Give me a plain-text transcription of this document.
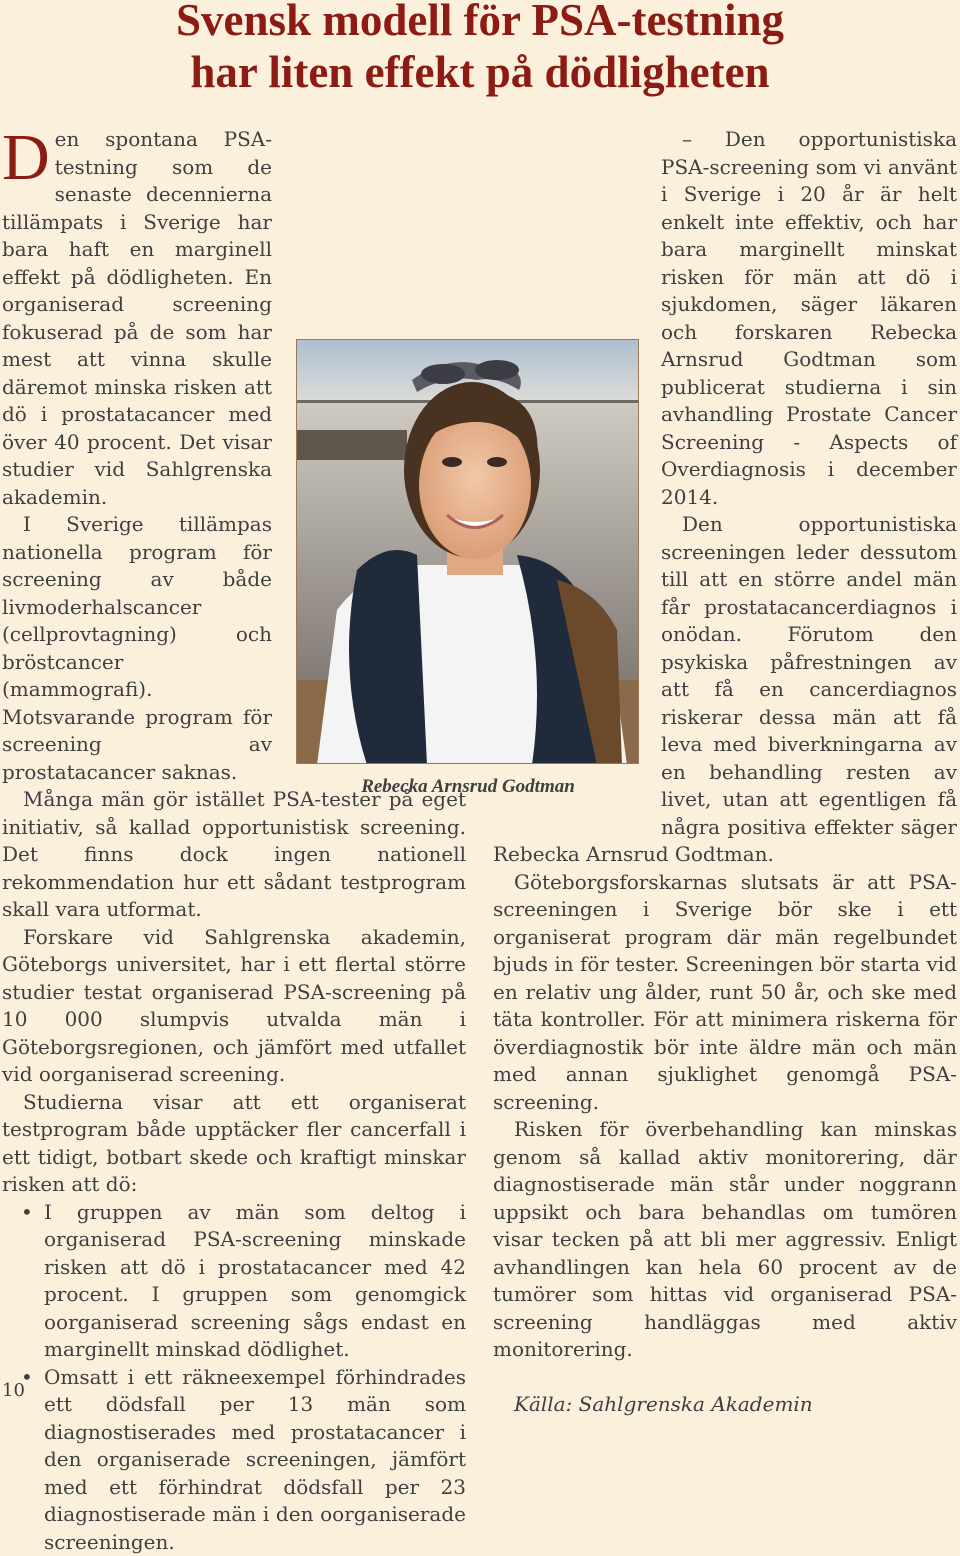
Svensk modell för PSA-testning
har liten effekt på dödligheten

Den spontana PSA-testning som de senaste decennierna tillämpats i Sverige har bara haft en marginell effekt på dödligheten. En organiserad screening fokuserad på de som har mest att vinna skulle däremot minska risken att dö i prostatacancer med över 40 procent. Det visar studier vid Sahlgrenska akademin.

I Sverige tillämpas nationella program för screening av både livmoderhalscancer (cellprovtagning) och bröstcancer (mammografi). Motsvarande program för screening av prostatacancer saknas.

Många män gör istället PSA-tester på eget initiativ, så kallad opportunistisk screening. Det finns dock ingen nationell rekommendation hur ett sådant testprogram skall vara utformat.

Forskare vid Sahlgrenska akademin, Göteborgs universitet, har i ett flertal större studier testat organiserad PSA-screening på 10 000 slumpvis utvalda män i Göteborgsregionen, och jämfört med utfallet vid oorganiserad screening.

Studierna visar att ett organiserat testprogram både upptäcker fler cancerfall i ett tidigt, botbart skede och kraftigt minskar risken att dö:

• I gruppen av män som deltog i organiserad PSA-screening minskade risken att dö i prostatacancer med 42 procent. I gruppen som genomgick oorganiserad screening sågs endast en marginellt minskad dödlighet.
• Omsatt i ett räkneexempel förhindrades ett dödsfall per 13 män som diagnostiserades med prostatacancer i den organiserade screeningen, jämfört med ett förhindrat dödsfall per 23 diagnostiserade män i den oorganiserade screeningen.

– Den opportunistiska PSA-screening som vi använt i Sverige i 20 år är helt enkelt inte effektiv, och har bara marginellt minskat risken för män att dö i sjukdomen, säger läkaren och forskaren Rebecka Arnsrud Godtman som publicerat studierna i sin avhandling Prostate Cancer Screening - Aspects of Overdiagnosis i december 2014.

Den opportunistiska screeningen leder dessutom till att en större andel män får prostatacancerdiagnos i onödan. Förutom den psykiska påfrestningen av att få en cancerdiagnos riskerar dessa män att få leva med biverkningarna av en behandling resten av livet, utan att egentligen få några positiva effekter säger Rebecka Arnsrud Godtman.

Göteborgsforskarnas slutsats är att PSA-screeningen i Sverige bör ske i ett organiserat program där män regelbundet bjuds in för tester. Screeningen bör starta vid en relativ ung ålder, runt 50 år, och ske med täta kontroller. För att minimera riskerna för överdiagnostik bör inte äldre män och män med annan sjuklighet genomgå PSA-screening.

Risken för överbehandling kan minskas genom så kallad aktiv monitorering, där diagnostiserade män står under noggrann uppsikt och bara behandlas om tumören visar tecken på att bli mer aggressiv. Enligt avhandlingen kan hela 60 procent av de tumörer som hittas vid organiserad PSA-screening handläggas med aktiv monitorering.

Källa: Sahlgrenska Akademin

Rebecka Arnsrud Godtman
10
